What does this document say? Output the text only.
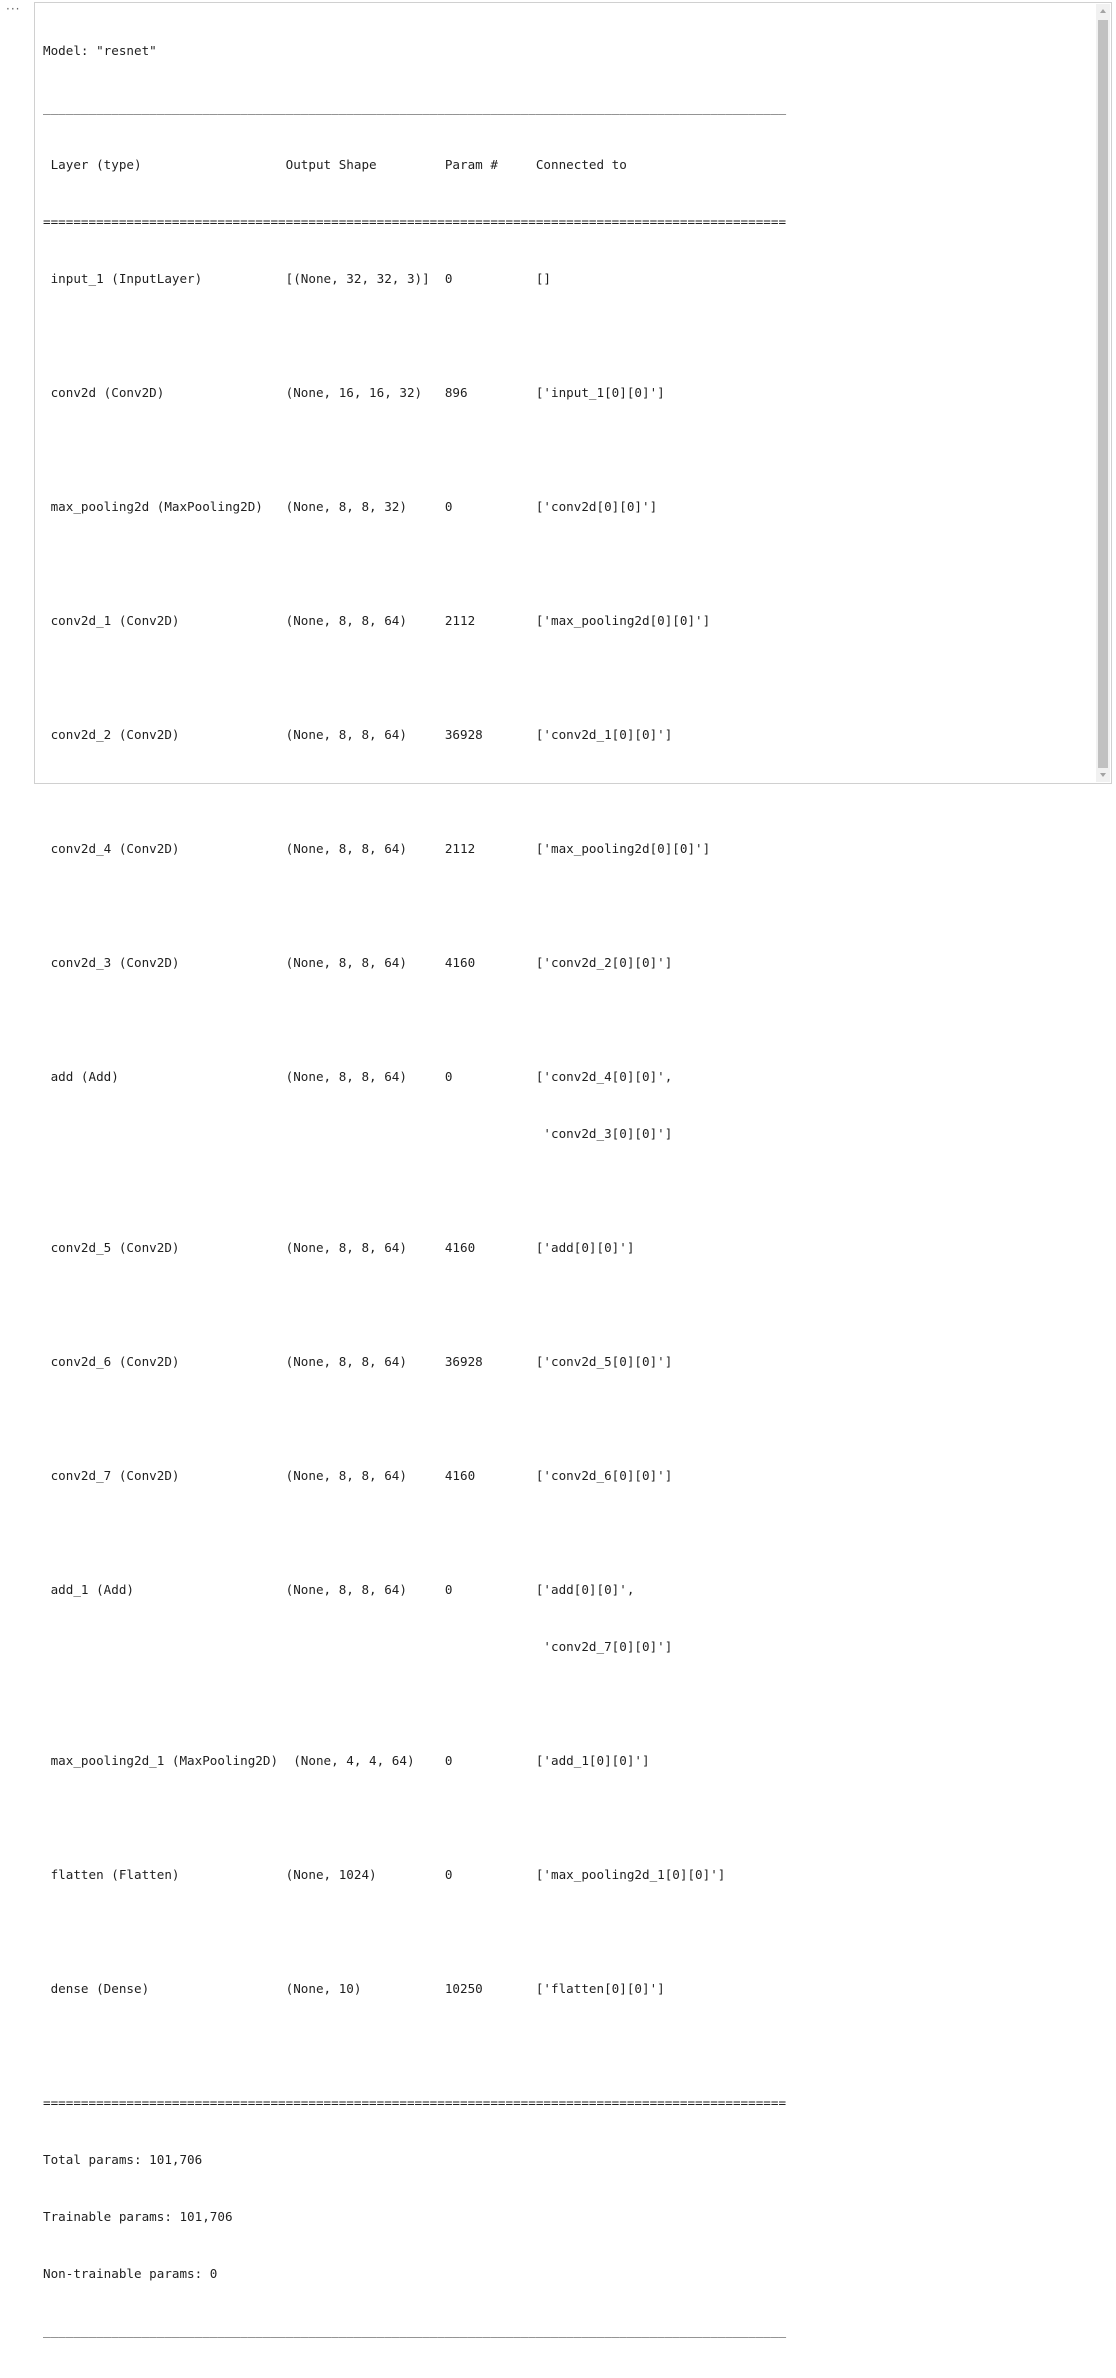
···

Model: "resnet"

__________________________________________________________________________________________________

Layer (type)                   Output Shape         Param #     Connected to

==================================================================================================

input_1 (InputLayer)           [(None, 32, 32, 3)]  0           []

conv2d (Conv2D)                (None, 16, 16, 32)   896         ['input_1[0][0]']

max_pooling2d (MaxPooling2D)   (None, 8, 8, 32)     0           ['conv2d[0][0]']

conv2d_1 (Conv2D)              (None, 8, 8, 64)     2112        ['max_pooling2d[0][0]']

conv2d_2 (Conv2D)              (None, 8, 8, 64)     36928       ['conv2d_1[0][0]']

conv2d_4 (Conv2D)              (None, 8, 8, 64)     2112        ['max_pooling2d[0][0]']

conv2d_3 (Conv2D)              (None, 8, 8, 64)     4160        ['conv2d_2[0][0]']

add (Add)                      (None, 8, 8, 64)     0           ['conv2d_4[0][0]',

'conv2d_3[0][0]']

conv2d_5 (Conv2D)              (None, 8, 8, 64)     4160        ['add[0][0]']

conv2d_6 (Conv2D)              (None, 8, 8, 64)     36928       ['conv2d_5[0][0]']

conv2d_7 (Conv2D)              (None, 8, 8, 64)     4160        ['conv2d_6[0][0]']

add_1 (Add)                    (None, 8, 8, 64)     0           ['add[0][0]',

'conv2d_7[0][0]']

max_pooling2d_1 (MaxPooling2D)  (None, 4, 4, 64)    0           ['add_1[0][0]']

flatten (Flatten)              (None, 1024)         0           ['max_pooling2d_1[0][0]']

dense (Dense)                  (None, 10)           10250       ['flatten[0][0]']

==================================================================================================

Total params: 101,706

Trainable params: 101,706

Non-trainable params: 0

__________________________________________________________________________________________________
